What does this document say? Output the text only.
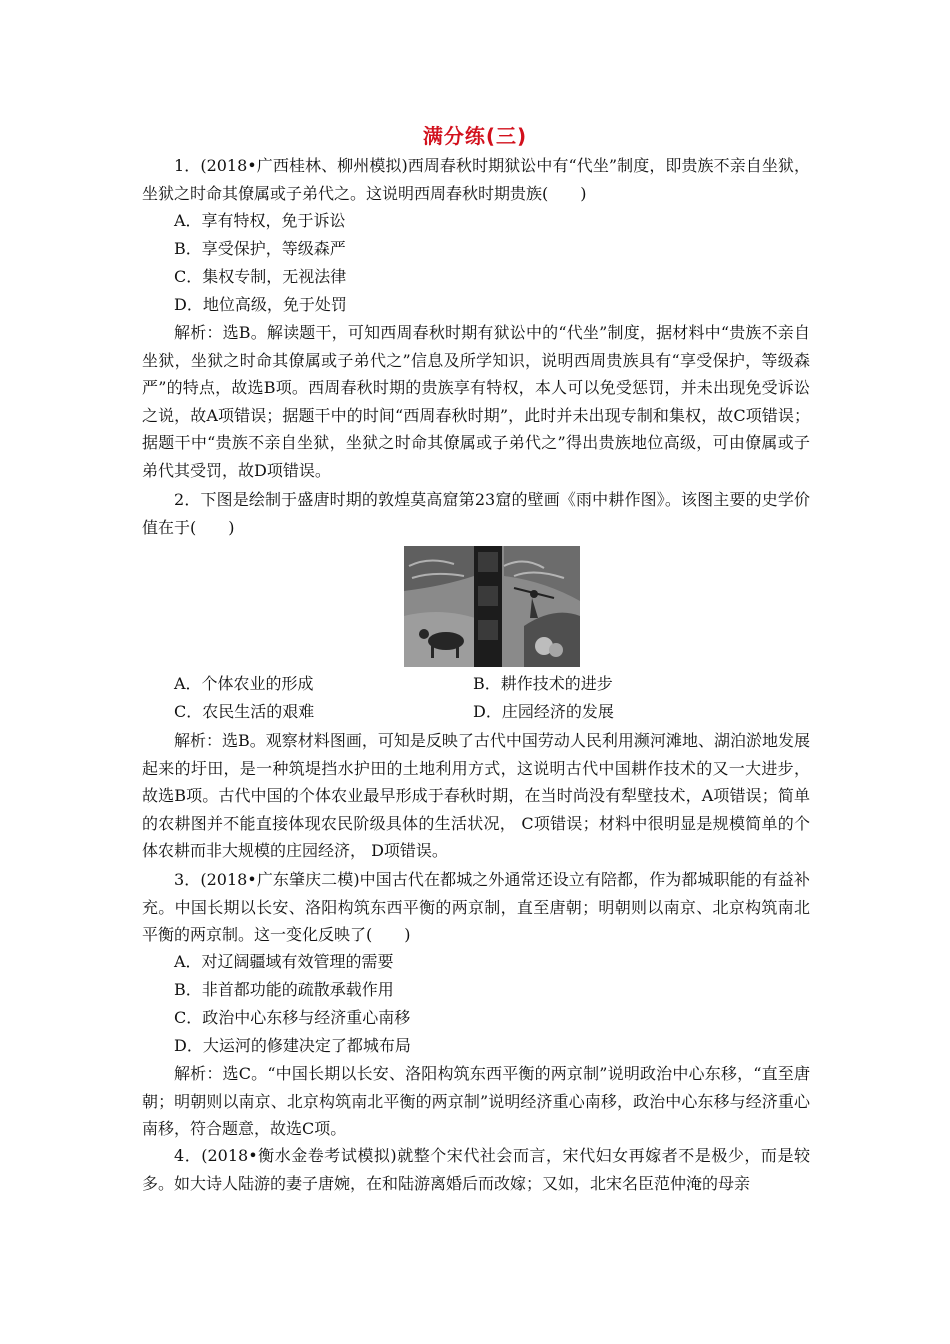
满分练(三)

1．(2018•广西桂林、柳州模拟)西周春秋时期狱讼中有“代坐”制度，即贵族不亲自坐狱，坐狱之时命其僚属或子弟代之。这说明西周春秋时期贵族(　　)

A．享有特权，免于诉讼
B．享受保护，等级森严
C．集权专制，无视法律
D．地位高级，免于处罚

解析：选B。解读题干，可知西周春秋时期有狱讼中的“代坐”制度，据材料中“贵族不亲自坐狱，坐狱之时命其僚属或子弟代之”信息及所学知识，说明西周贵族具有“享受保护，等级森严”的特点，故选B项。西周春秋时期的贵族享有特权，本人可以免受惩罚，并未出现免受诉讼之说，故A项错误；据题干中的时间“西周春秋时期”，此时并未出现专制和集权，故C项错误；据题干中“贵族不亲自坐狱，坐狱之时命其僚属或子弟代之”得出贵族地位高级，可由僚属或子弟代其受罚，故D项错误。

2．下图是绘制于盛唐时期的敦煌莫高窟第23窟的壁画《雨中耕作图》。该图主要的史学价值在于(　　)

A．个体农业的形成	B．耕作技术的进步
C．农民生活的艰难	D．庄园经济的发展

解析：选B。观察材料图画，可知是反映了古代中国劳动人民利用濒河滩地、湖泊淤地发展起来的圩田，是一种筑堤挡水护田的土地利用方式，这说明古代中国耕作技术的又一大进步，故选B项。古代中国的个体农业最早形成于春秋时期，在当时尚没有犁壁技术，A项错误；简单的农耕图并不能直接体现农民阶级具体的生活状况， C项错误；材料中很明显是规模简单的个体农耕而非大规模的庄园经济， D项错误。

3．(2018•广东肇庆二模)中国古代在都城之外通常还设立有陪都，作为都城职能的有益补充。中国长期以长安、洛阳构筑东西平衡的两京制，直至唐朝；明朝则以南京、北京构筑南北平衡的两京制。这一变化反映了(　　)

A．对辽阔疆域有效管理的需要
B．非首都功能的疏散承载作用
C．政治中心东移与经济重心南移
D．大运河的修建决定了都城布局

解析：选C。“中国长期以长安、洛阳构筑东西平衡的两京制”说明政治中心东移，“直至唐朝；明朝则以南京、北京构筑南北平衡的两京制”说明经济重心南移，政治中心东移与经济重心南移，符合题意，故选C项。

4．(2018•衡水金卷考试模拟)就整个宋代社会而言，宋代妇女再嫁者不是极少，而是较多。如大诗人陆游的妻子唐婉，在和陆游离婚后而改嫁；又如，北宋名臣范仲淹的母亲
